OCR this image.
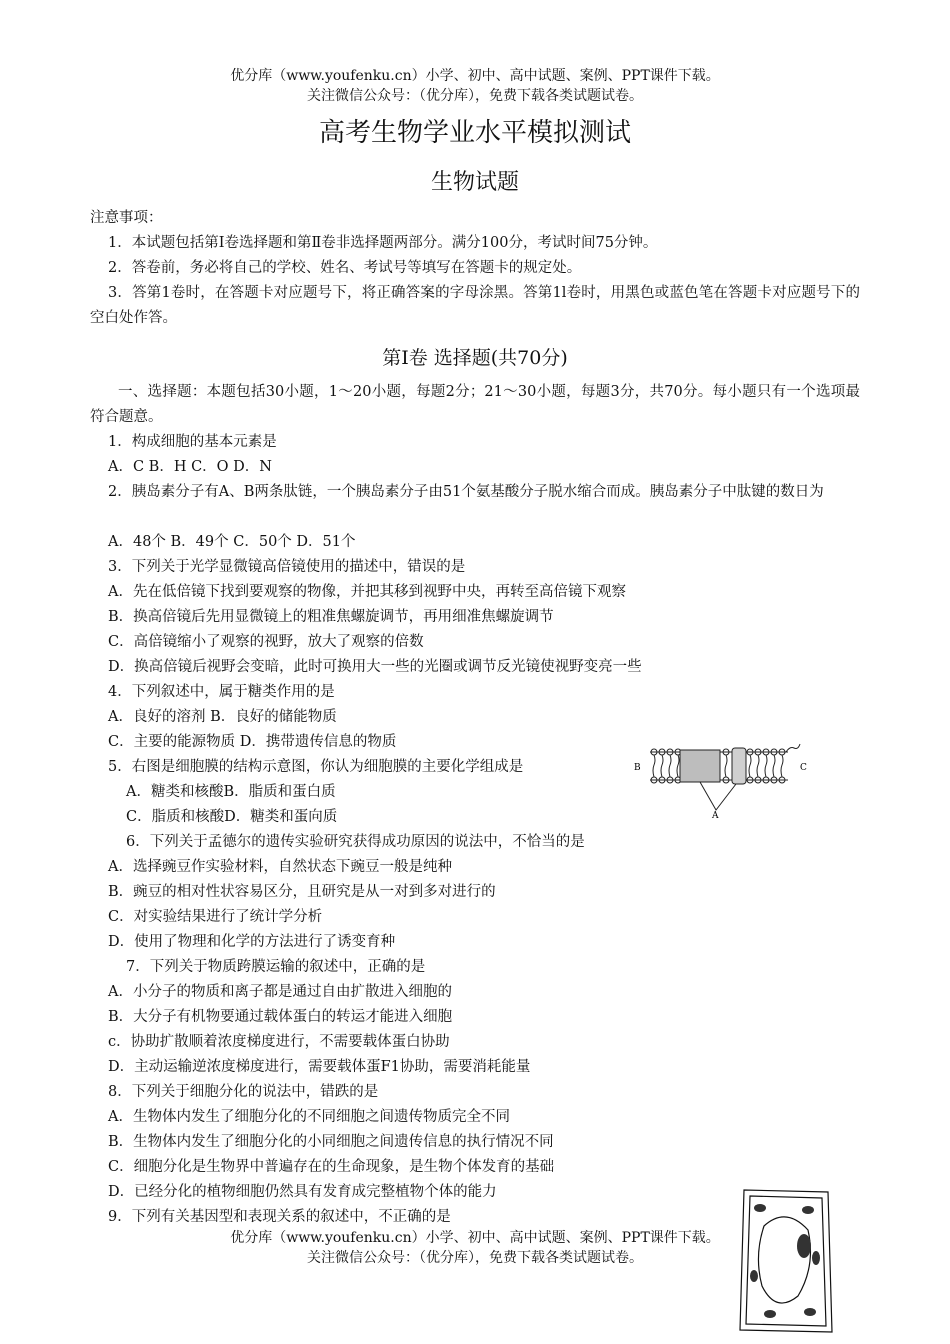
优分库（www.youfenku.cn）小学、初中、高中试题、案例、PPT课件下载。
关注微信公众号：（优分库），免费下载各类试题试卷。
高考生物学业水平模拟测试
生物试题
注意事项：
1．本试题包括第Ⅰ卷选择题和第Ⅱ卷非选择题两部分。满分100分，考试时间75分钟。
2．答卷前，务必将自己的学校、姓名、考试号等填写在答题卡的规定处。
3．答第1卷时，在答题卡对应题号下，将正确答案的字母涂黑。答第1l卷时，用黑色或蓝色笔在答题卡对应题号下的空白处作答。
第Ⅰ卷 选择题(共70分)
一、选择题：本题包括30小题，1～20小题，每题2分；21～30小题，每题3分，共70分。每小题只有一个选项最符合题意。
1．构成细胞的基本元素是
A．C B．H C．O D．N
2．胰岛素分子有A、B两条肽链，一个胰岛素分子由51个氨基酸分子脱水缩合而成。胰岛素分子中肽键的数日为
A．48个 B．49个 C．50个 D．51个
3．下列关于光学显微镜高倍镜使用的描述中，错误的是
A．先在低倍镜下找到要观察的物像，并把其移到视野中央，再转至高倍镜下观察
B．换高倍镜后先用显微镜上的粗准焦螺旋调节，再用细准焦螺旋调节
C．高倍镜缩小了观察的视野，放大了观察的倍数
D．换高倍镜后视野会变暗，此时可换用大一些的光圈或调节反光镜使视野变亮一些
4．下列叙述中，属于糖类作用的是
A．良好的溶剂 B．良好的储能物质
C．主要的能源物质 D．携带遗传信息的物质
5．右图是细胞膜的结构示意图，你认为细胞膜的主要化学组成是
A．糖类和核酸B．脂质和蛋白质
C．脂质和核酸D．糖类和蛋向质
6．下列关于孟德尔的遗传实验研究获得成功原因的说法中，不恰当的是
A．选择豌豆作实验材料，自然状态下豌豆一般是纯种
B．豌豆的相对性状容易区分，且研究是从一对到多对进行的
C．对实验结果进行了统计学分析
D．使用了物理和化学的方法进行了诱变育种
7．下列关于物质跨膜运输的叙述中，正确的是
A．小分子的物质和离子都是通过自由扩散进入细胞的
B．大分子有机物要通过载体蛋白的转运才能进入细胞
c．协助扩散顺着浓度梯度进行，不需要载体蛋白协助
D．主动运输逆浓度梯度进行，需要载体蛋F1协助，需要消耗能量
8．下列关于细胞分化的说法中，错跌的是
A．生物体内发生了细胞分化的不同细胞之间遗传物质完全不同
B．生物体内发生了细胞分化的小同细胞之间遗传信息的执行情况不同
C．细胞分化是生物界中普遍存在的生命现象，是生物个体发育的基础
D．已经分化的植物细胞仍然具有发育成完整植物个体的能力
9．下列有关基因型和表现关系的叙述中，不正确的是
A
B	C
优分库（www.youfenku.cn）小学、初中、高中试题、案例、PPT课件下载。
关注微信公众号：（优分库），免费下载各类试题试卷。
